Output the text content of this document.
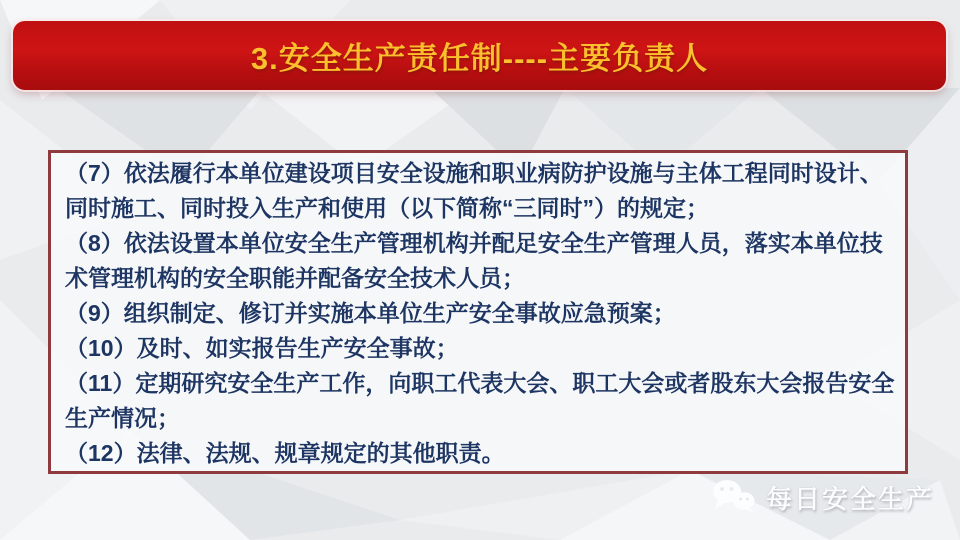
3.安全生产责任制----主要负责人

（7）依法履行本单位建设项目安全设施和职业病防护设施与主体工程同时设计、同时施工、同时投入生产和使用（以下简称“三同时”）的规定；

（8）依法设置本单位安全生产管理机构并配足安全生产管理人员，落实本单位技术管理机构的安全职能并配备安全技术人员；

（9）组织制定、修订并实施本单位生产安全事故应急预案；

（10）及时、如实报告生产安全事故；

（11）定期研究安全生产工作，向职工代表大会、职工大会或者股东大会报告安全生产情况；

（12）法律、法规、规章规定的其他职责。

每日安全生产
